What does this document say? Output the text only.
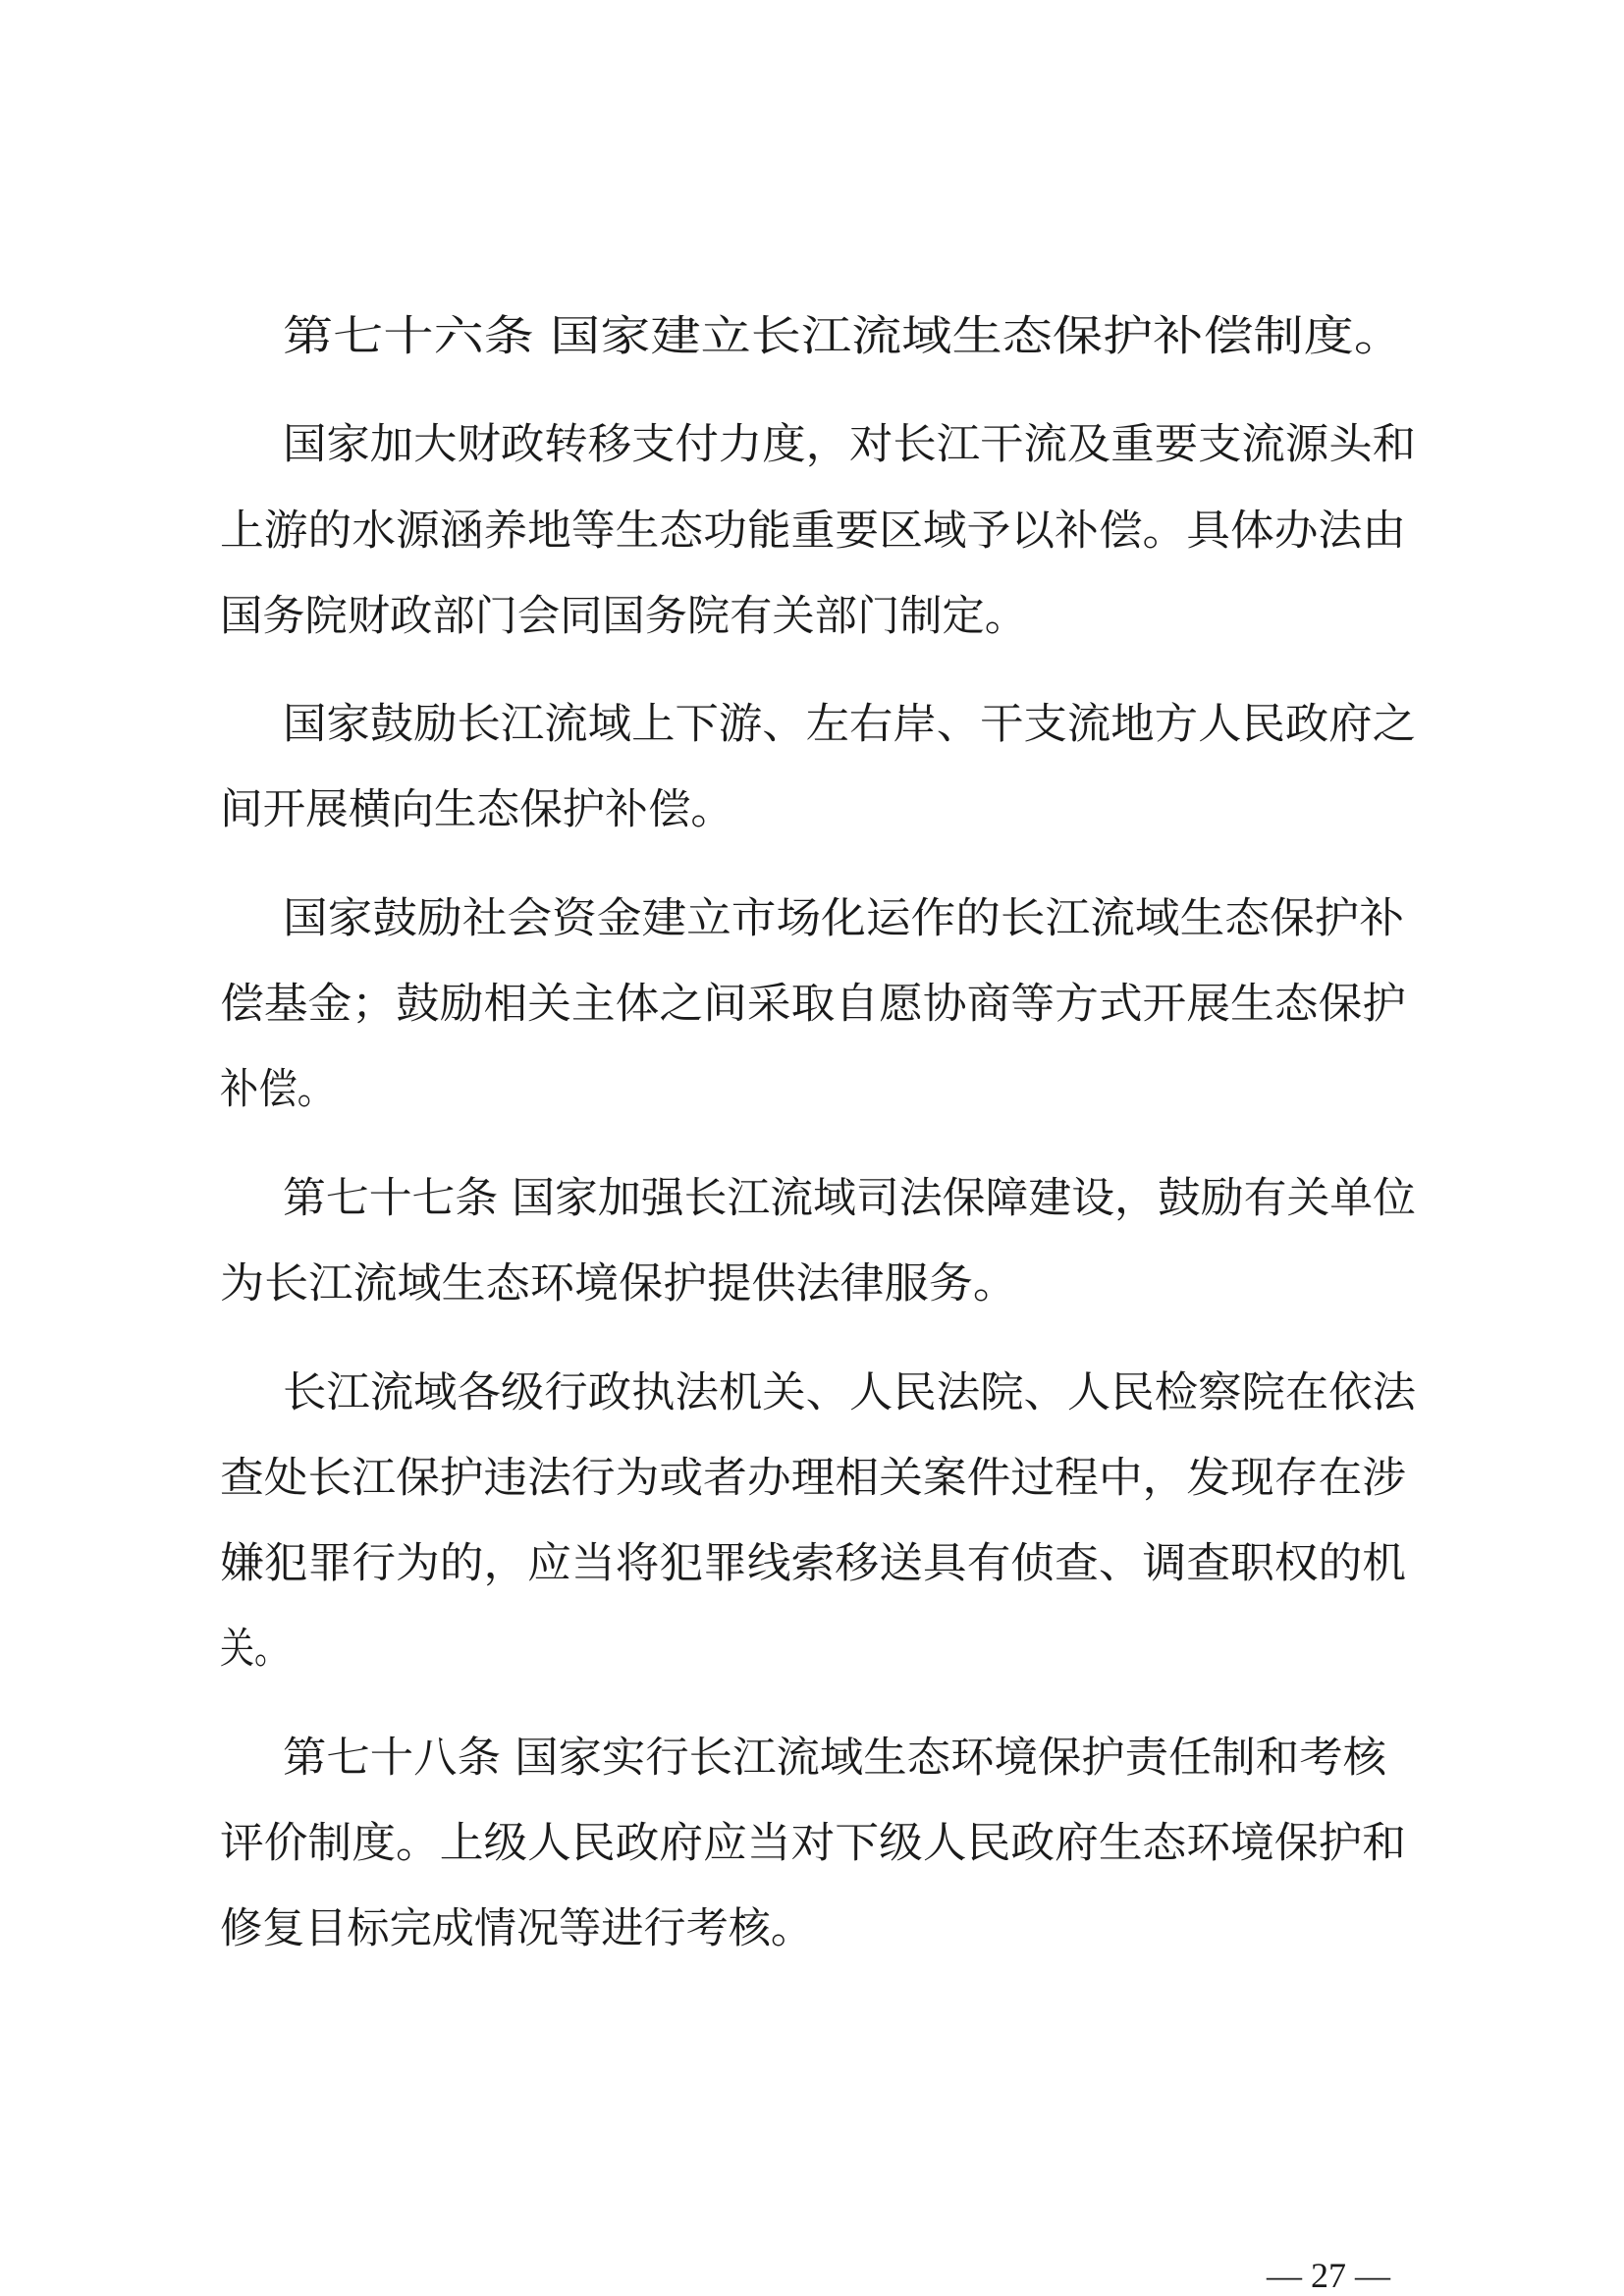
第七十六条 国家建立长江流域生态保护补偿制度。
国家加大财政转移支付力度，对长江干流及重要支流源头和
上游的水源涵养地等生态功能重要区域予以补偿。具体办法由
国务院财政部门会同国务院有关部门制定。
国家鼓励长江流域上下游、左右岸、干支流地方人民政府之
间开展横向生态保护补偿。
国家鼓励社会资金建立市场化运作的长江流域生态保护补
偿基金；鼓励相关主体之间采取自愿协商等方式开展生态保护
补偿。
第七十七条 国家加强长江流域司法保障建设，鼓励有关单位
为长江流域生态环境保护提供法律服务。
长江流域各级行政执法机关、人民法院、人民检察院在依法
查处长江保护违法行为或者办理相关案件过程中，发现存在涉
嫌犯罪行为的，应当将犯罪线索移送具有侦查、调查职权的机
关。
第七十八条 国家实行长江流域生态环境保护责任制和考核
评价制度。上级人民政府应当对下级人民政府生态环境保护和
修复目标完成情况等进行考核。
— 27 —
